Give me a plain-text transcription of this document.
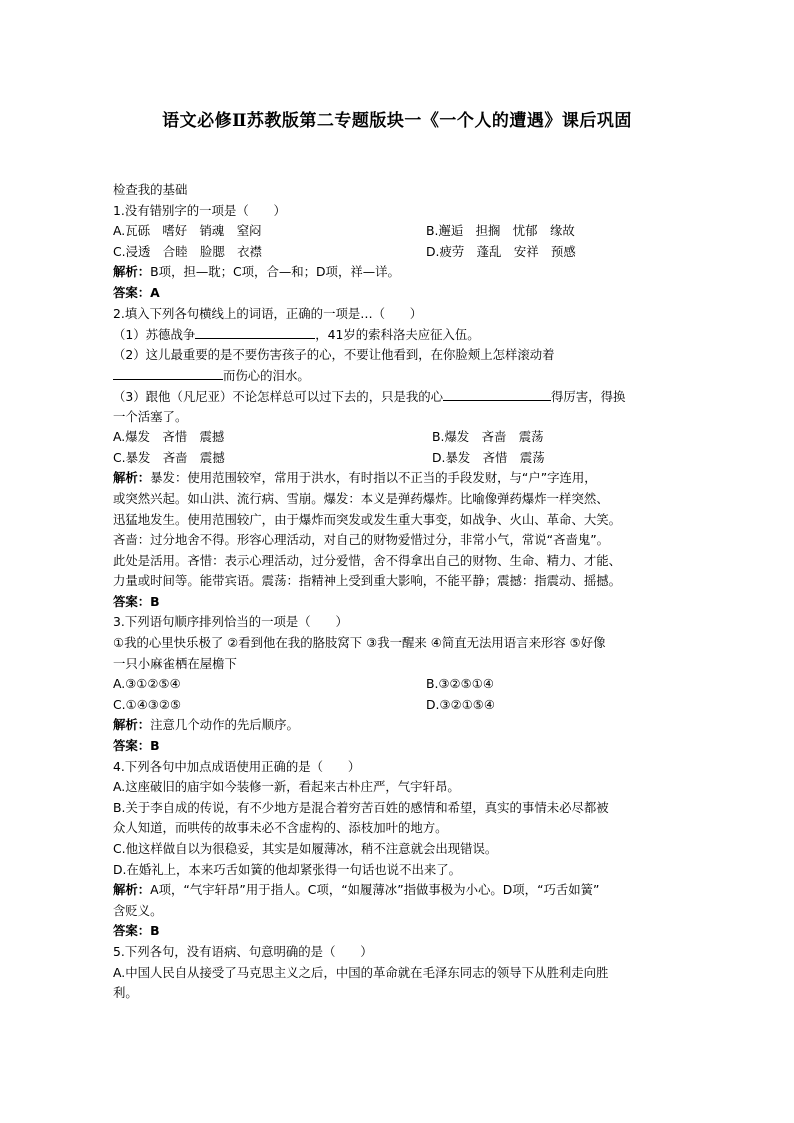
语文必修Ⅱ苏教版第二专题版块一《一个人的遭遇》课后巩固
检查我的基础
1.没有错别字的一项是（　　）
A.瓦砾　嗜好　销魂　窒闷	B.邂逅　担搁　忧郁　缘故
C.浸透　合睦　脸腮　衣襟	D.疲劳　蓬乱　安祥　预感
解析：B项，担—耽；C项，合—和；D项，祥—详。
答案：A
2.填入下列各句横线上的词语，正确的一项是…（　　）
（1）苏德战争	，41岁的索科洛夫应征入伍。
（2）这儿最重要的是不要伤害孩子的心，不要让他看到，在你脸颊上怎样滚动着
而伤心的泪水。
（3）跟他（凡尼亚）不论怎样总可以过下去的，只是我的心	得厉害，得换
一个活塞了。
A.爆发　吝惜　震撼	B.爆发　吝啬　震荡
C.暴发　吝啬　震撼	D.暴发　吝惜　震荡
解析：暴发：使用范围较窄，常用于洪水，有时指以不正当的手段发财，与“户”字连用，
或突然兴起。如山洪、流行病、雪崩。爆发：本义是弹药爆炸。比喻像弹药爆炸一样突然、
迅猛地发生。使用范围较广，由于爆炸而突发或发生重大事变，如战争、火山、革命、大笑。
吝啬：过分地舍不得。形容心理活动，对自己的财物爱惜过分，非常小气，常说“吝啬鬼”。
此处是活用。吝惜：表示心理活动，过分爱惜，舍不得拿出自己的财物、生命、精力、才能、
力量或时间等。能带宾语。震荡：指精神上受到重大影响，不能平静；震撼：指震动、摇撼。
答案：B
3.下列语句顺序排列恰当的一项是（　　）
①我的心里快乐极了 ②看到他在我的胳肢窝下 ③我一醒来 ④简直无法用语言来形容 ⑤好像
一只小麻雀栖在屋檐下
A.③①②⑤④	B.③②⑤①④
C.①④③②⑤	D.③②①⑤④
解析：注意几个动作的先后顺序。
答案：B
4.下列各句中加点成语使用正确的是（　　）
A.这座破旧的庙宇如今装修一新，看起来古朴庄严，气宇轩昂。
B.关于李自成的传说，有不少地方是混合着穷苦百姓的感情和希望，真实的事情未必尽都被
众人知道，而哄传的故事未必不含虚构的、添枝加叶的地方。
C.他这样做自以为很稳妥，其实是如履薄冰，稍不注意就会出现错误。
D.在婚礼上，本来巧舌如簧的他却紧张得一句话也说不出来了。
解析：A项，“气宇轩昂”用于指人。C项，“如履薄冰”指做事极为小心。D项，“巧舌如簧”
含贬义。
答案：B
5.下列各句，没有语病、句意明确的是（　　）
A.中国人民自从接受了马克思主义之后，中国的革命就在毛泽东同志的领导下从胜利走向胜
利。
